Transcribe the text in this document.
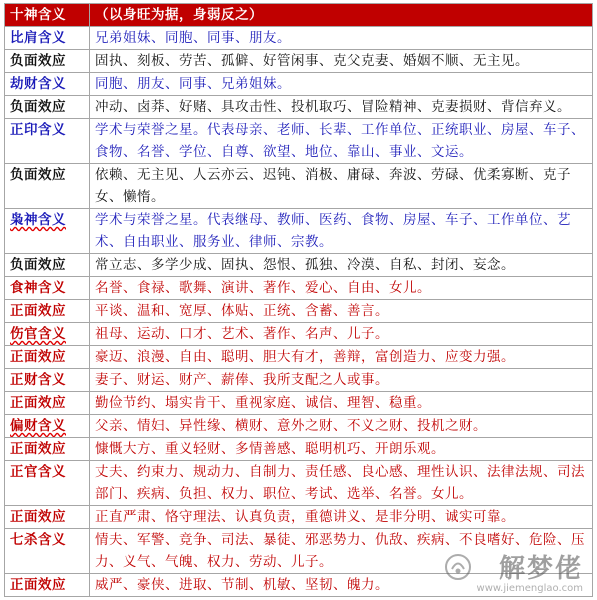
十神含义	（以身旺为据，身弱反之）
比肩含义	兄弟姐妹、同胞、同事、朋友。
负面效应	固执、刻板、劳苦、孤僻、好管闲事、克父克妻、婚姻不顺、无主见。
劫财含义	同胞、朋友、同事、兄弟姐妹。
负面效应	冲动、卤莽、好赌、具攻击性、投机取巧、冒险精神、克妻损财、背信弃义。
正印含义	学术与荣誉之星。代表母亲、老师、长辈、工作单位、正统职业、房屋、车子、食物、名誉、学位、自尊、欲望、地位、靠山、事业、文运。
负面效应	依赖、无主见、人云亦云、迟钝、消极、庸碌、奔波、劳碌、优柔寡断、克子女、懒惰。
枭神含义	学术与荣誉之星。代表继母、教师、医药、食物、房屋、车子、工作单位、艺术、自由职业、服务业、律师、宗教。
负面效应	常立志、多学少成、固执、怨恨、孤独、冷漠、自私、封闭、妄念。
食神含义	名誉、食禄、歌舞、演讲、著作、爱心、自由、女儿。
正面效应	平谈、温和、宽厚、体贴、正统、含蓄、善言。
伤官含义	祖母、运动、口才、艺术、著作、名声、儿子。
正面效应	豪迈、浪漫、自由、聪明、胆大有才，善辩，富创造力、应变力强。
正财含义	妻子、财运、财产、薪俸、我所支配之人或事。
正面效应	勤俭节约、塌实肯干、重视家庭、诚信、理智、稳重。
偏财含义	父亲、情妇、异性缘、横财、意外之财、不义之财、投机之财。
正面效应	慷慨大方、重义轻财、多情善感、聪明机巧、开朗乐观。
正官含义	丈夫、约束力、规动力、自制力、责任感、良心感、理性认识、法律法规、司法部门、疾病、负担、权力、职位、考试、选举、名誉。女儿。
正面效应	正直严肃、恪守理法、认真负责，重德讲义、是非分明、诚实可靠。
七杀含义	情夫、军警、竞争、司法、暴徒、邪恶势力、仇敌、疾病、不良嗜好、危险、压力、义气、气魄、权力、劳动、儿子。
正面效应	威严、豪侠、进取、节制、机敏、坚韧、魄力。
解梦佬
www.jiemenglao.com
